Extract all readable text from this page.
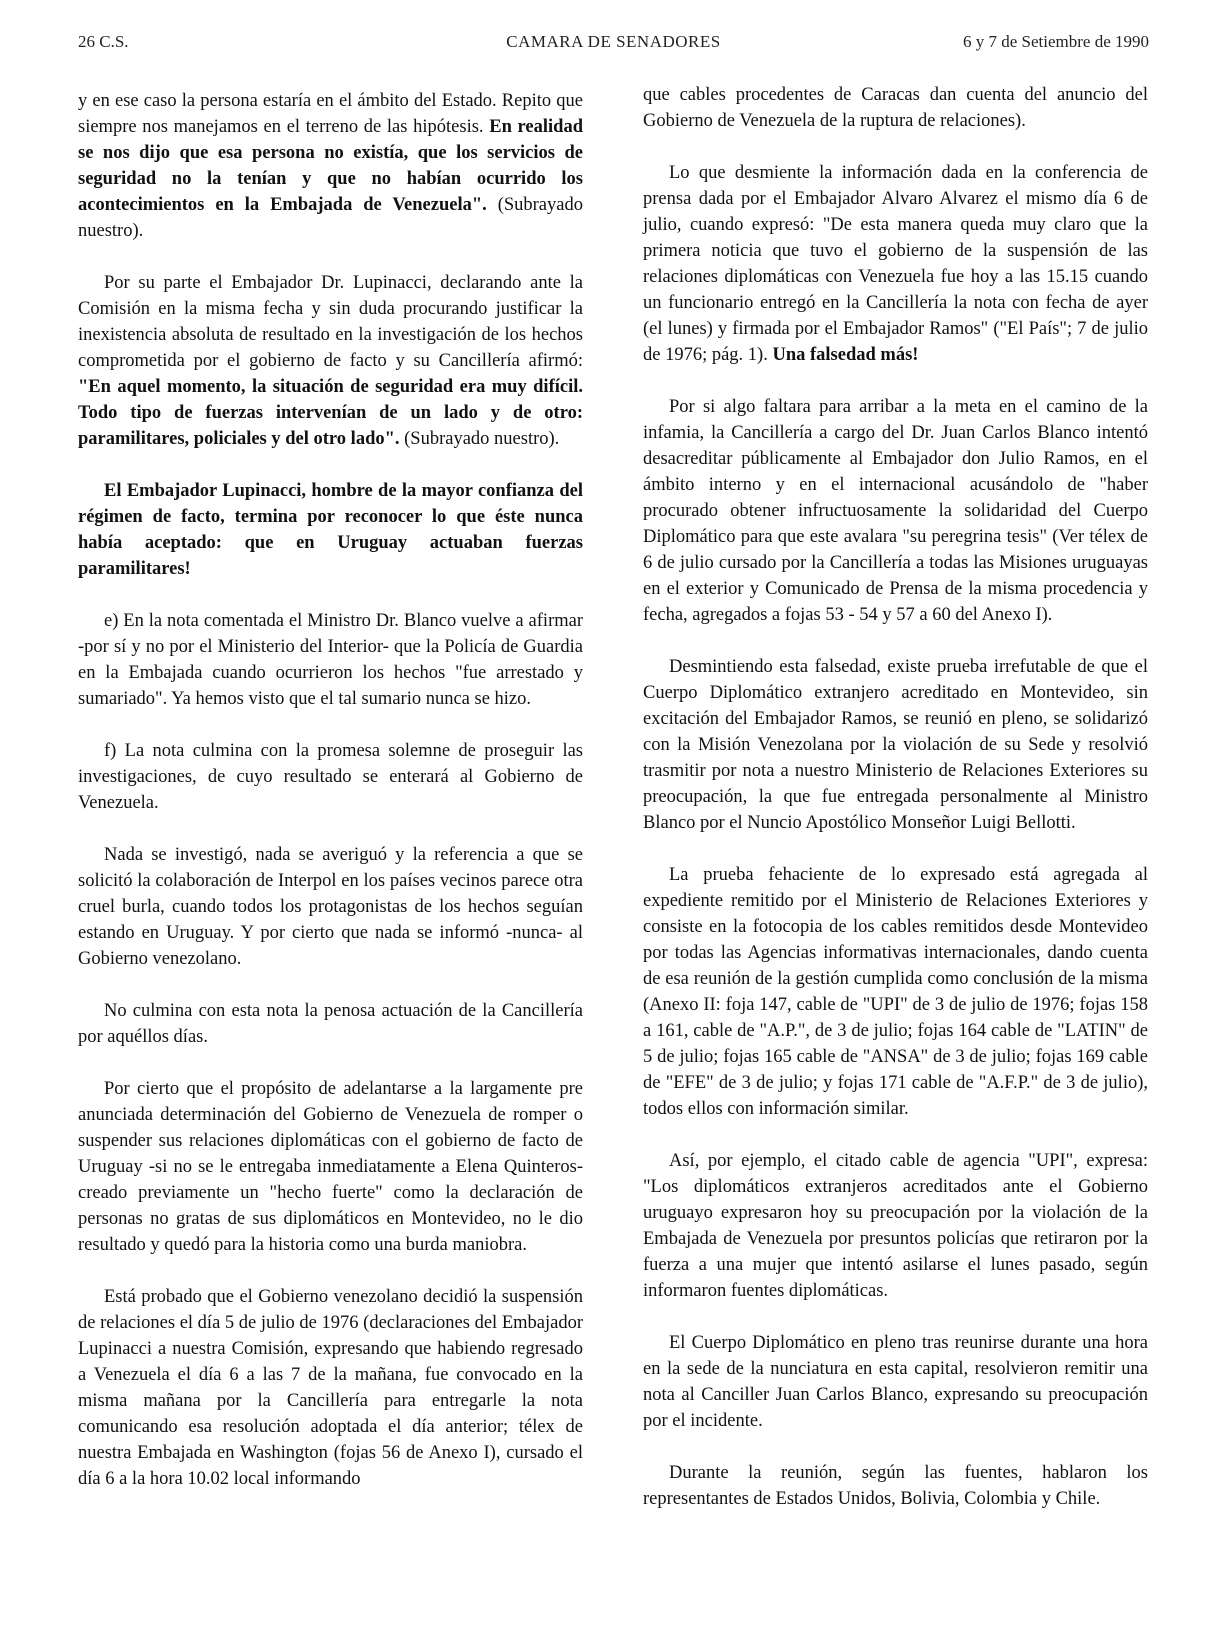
26 C.S.	CAMARA DE SENADORES	6 y 7 de Setiembre de 1990

y en ese caso la persona estaría en el ámbito del Estado. Repito que siempre nos manejamos en el terreno de las hipótesis. En realidad se nos dijo que esa persona no existía, que los servicios de seguridad no la tenían y que no habían ocurrido los acontecimientos en la Embajada de Venezuela". (Subrayado nuestro).

Por su parte el Embajador Dr. Lupinacci, declarando ante la Comisión en la misma fecha y sin duda procurando justificar la inexistencia absoluta de resultado en la investigación de los hechos comprometida por el gobierno de facto y su Cancillería afirmó: "En aquel momento, la situación de seguridad era muy difícil. Todo tipo de fuerzas intervenían de un lado y de otro: paramilitares, policiales y del otro lado". (Subrayado nuestro).

El Embajador Lupinacci, hombre de la mayor confianza del régimen de facto, termina por reconocer lo que éste nunca había aceptado: que en Uruguay actuaban fuerzas paramilitares!

e) En la nota comentada el Ministro Dr. Blanco vuelve a afirmar -por sí y no por el Ministerio del Interior- que la Policía de Guardia en la Embajada cuando ocurrieron los hechos "fue arrestado y sumariado". Ya hemos visto que el tal sumario nunca se hizo.

f) La nota culmina con la promesa solemne de proseguir las investigaciones, de cuyo resultado se enterará al Gobierno de Venezuela.

Nada se investigó, nada se averiguó y la referencia a que se solicitó la colaboración de Interpol en los países vecinos parece otra cruel burla, cuando todos los protagonistas de los hechos seguían estando en Uruguay. Y por cierto que nada se informó -nunca- al Gobierno venezolano.

No culmina con esta nota la penosa actuación de la Cancillería por aquéllos días.

Por cierto que el propósito de adelantarse a la largamente pre anunciada determinación del Gobierno de Venezuela de romper o suspender sus relaciones diplomáticas con el gobierno de facto de Uruguay -si no se le entregaba inmediatamente a Elena Quinteros- creado previamente un "hecho fuerte" como la declaración de personas no gratas de sus diplomáticos en Montevideo, no le dio resultado y quedó para la historia como una burda maniobra.

Está probado que el Gobierno venezolano decidió la suspensión de relaciones el día 5 de julio de 1976 (declaraciones del Embajador Lupinacci a nuestra Comisión, expresando que habiendo regresado a Venezuela el día 6 a las 7 de la mañana, fue convocado en la misma mañana por la Cancillería para entregarle la nota comunicando esa resolución adoptada el día anterior; télex de nuestra Embajada en Washington (fojas 56 de Anexo I), cursado el día 6 a la hora 10.02 local informando

que cables procedentes de Caracas dan cuenta del anuncio del Gobierno de Venezuela de la ruptura de relaciones).

Lo que desmiente la información dada en la conferencia de prensa dada por el Embajador Alvaro Alvarez el mismo día 6 de julio, cuando expresó: "De esta manera queda muy claro que la primera noticia que tuvo el gobierno de la suspensión de las relaciones diplomáticas con Venezuela fue hoy a las 15.15 cuando un funcionario entregó en la Cancillería la nota con fecha de ayer (el lunes) y firmada por el Embajador Ramos" ("El País"; 7 de julio de 1976; pág. 1). Una falsedad más!

Por si algo faltara para arribar a la meta en el camino de la infamia, la Cancillería a cargo del Dr. Juan Carlos Blanco intentó desacreditar públicamente al Embajador don Julio Ramos, en el ámbito interno y en el internacional acusándolo de "haber procurado obtener infructuosamente la solidaridad del Cuerpo Diplomático para que este avalara "su peregrina tesis" (Ver télex de 6 de julio cursado por la Cancillería a todas las Misiones uruguayas en el exterior y Comunicado de Prensa de la misma procedencia y fecha, agregados a fojas 53 - 54 y 57 a 60 del Anexo I).

Desmintiendo esta falsedad, existe prueba irrefutable de que el Cuerpo Diplomático extranjero acreditado en Montevideo, sin excitación del Embajador Ramos, se reunió en pleno, se solidarizó con la Misión Venezolana por la violación de su Sede y resolvió trasmitir por nota a nuestro Ministerio de Relaciones Exteriores su preocupación, la que fue entregada personalmente al Ministro Blanco por el Nuncio Apostólico Monseñor Luigi Bellotti.

La prueba fehaciente de lo expresado está agregada al expediente remitido por el Ministerio de Relaciones Exteriores y consiste en la fotocopia de los cables remitidos desde Montevideo por todas las Agencias informativas internacionales, dando cuenta de esa reunión de la gestión cumplida como conclusión de la misma (Anexo II: foja 147, cable de "UPI" de 3 de julio de 1976; fojas 158 a 161, cable de "A.P.", de 3 de julio; fojas 164 cable de "LATIN" de 5 de julio; fojas 165 cable de "ANSA" de 3 de julio; fojas 169 cable de "EFE" de 3 de julio; y fojas 171 cable de "A.F.P." de 3 de julio), todos ellos con información similar.

Así, por ejemplo, el citado cable de agencia "UPI", expresa: "Los diplomáticos extranjeros acreditados ante el Gobierno uruguayo expresaron hoy su preocupación por la violación de la Embajada de Venezuela por presuntos policías que retiraron por la fuerza a una mujer que intentó asilarse el lunes pasado, según informaron fuentes diplomáticas.

El Cuerpo Diplomático en pleno tras reunirse durante una hora en la sede de la nunciatura en esta capital, resolvieron remitir una nota al Canciller Juan Carlos Blanco, expresando su preocupación por el incidente.

Durante la reunión, según las fuentes, hablaron los representantes de Estados Unidos, Bolivia, Colombia y Chile.
